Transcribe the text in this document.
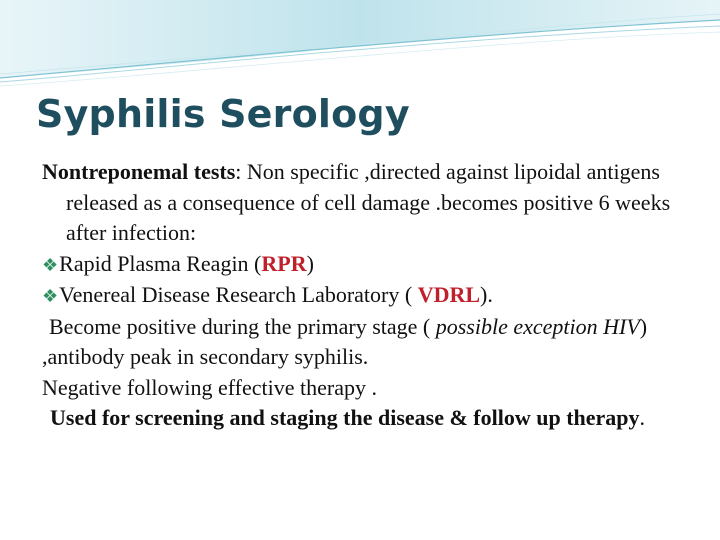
Syphilis Serology

Nontreponemal tests: Non specific ,directed against lipoidal antigens released as a consequence of cell damage .becomes positive 6 weeks after infection:

❖Rapid Plasma Reagin (RPR)

❖Venereal Disease Research Laboratory ( VDRL).

Become positive during the primary stage ( possible exception HIV) ,antibody peak in secondary syphilis.

Negative following effective therapy .

Used for screening and staging the disease & follow up therapy.
